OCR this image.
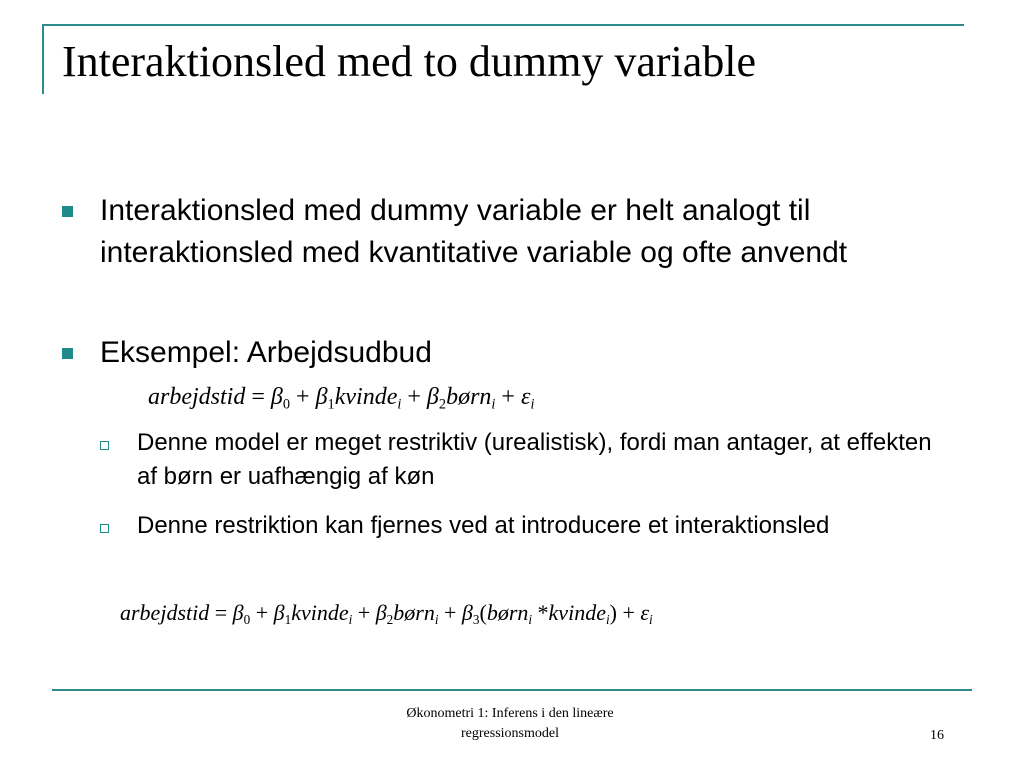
Interaktionsled med to dummy variable
Interaktionsled med dummy variable er helt analogt til interaktionsled med kvantitative variable og ofte anvendt
Eksempel: Arbejdsudbud
arbejdstid = $\beta_0$ + $\beta_1kvinde_i$ + $\beta_2børn_i + \varepsilon_i$
Denne model er meget restriktiv (urealistisk), fordi man antager, at effekten af børn er uafhængig af køn
Denne restriktion kan fjernes ved at introducere et interaktionsled
arbejdstid = $\beta_0$ + $\beta_1kvinde_i$ + $\beta_2børn_i$ + $\beta_3(børn_i$ *kvinde$_i$) + $\varepsilon_i$
Økonometri 1: Inferens i den lineære
regressionsmodel	16
